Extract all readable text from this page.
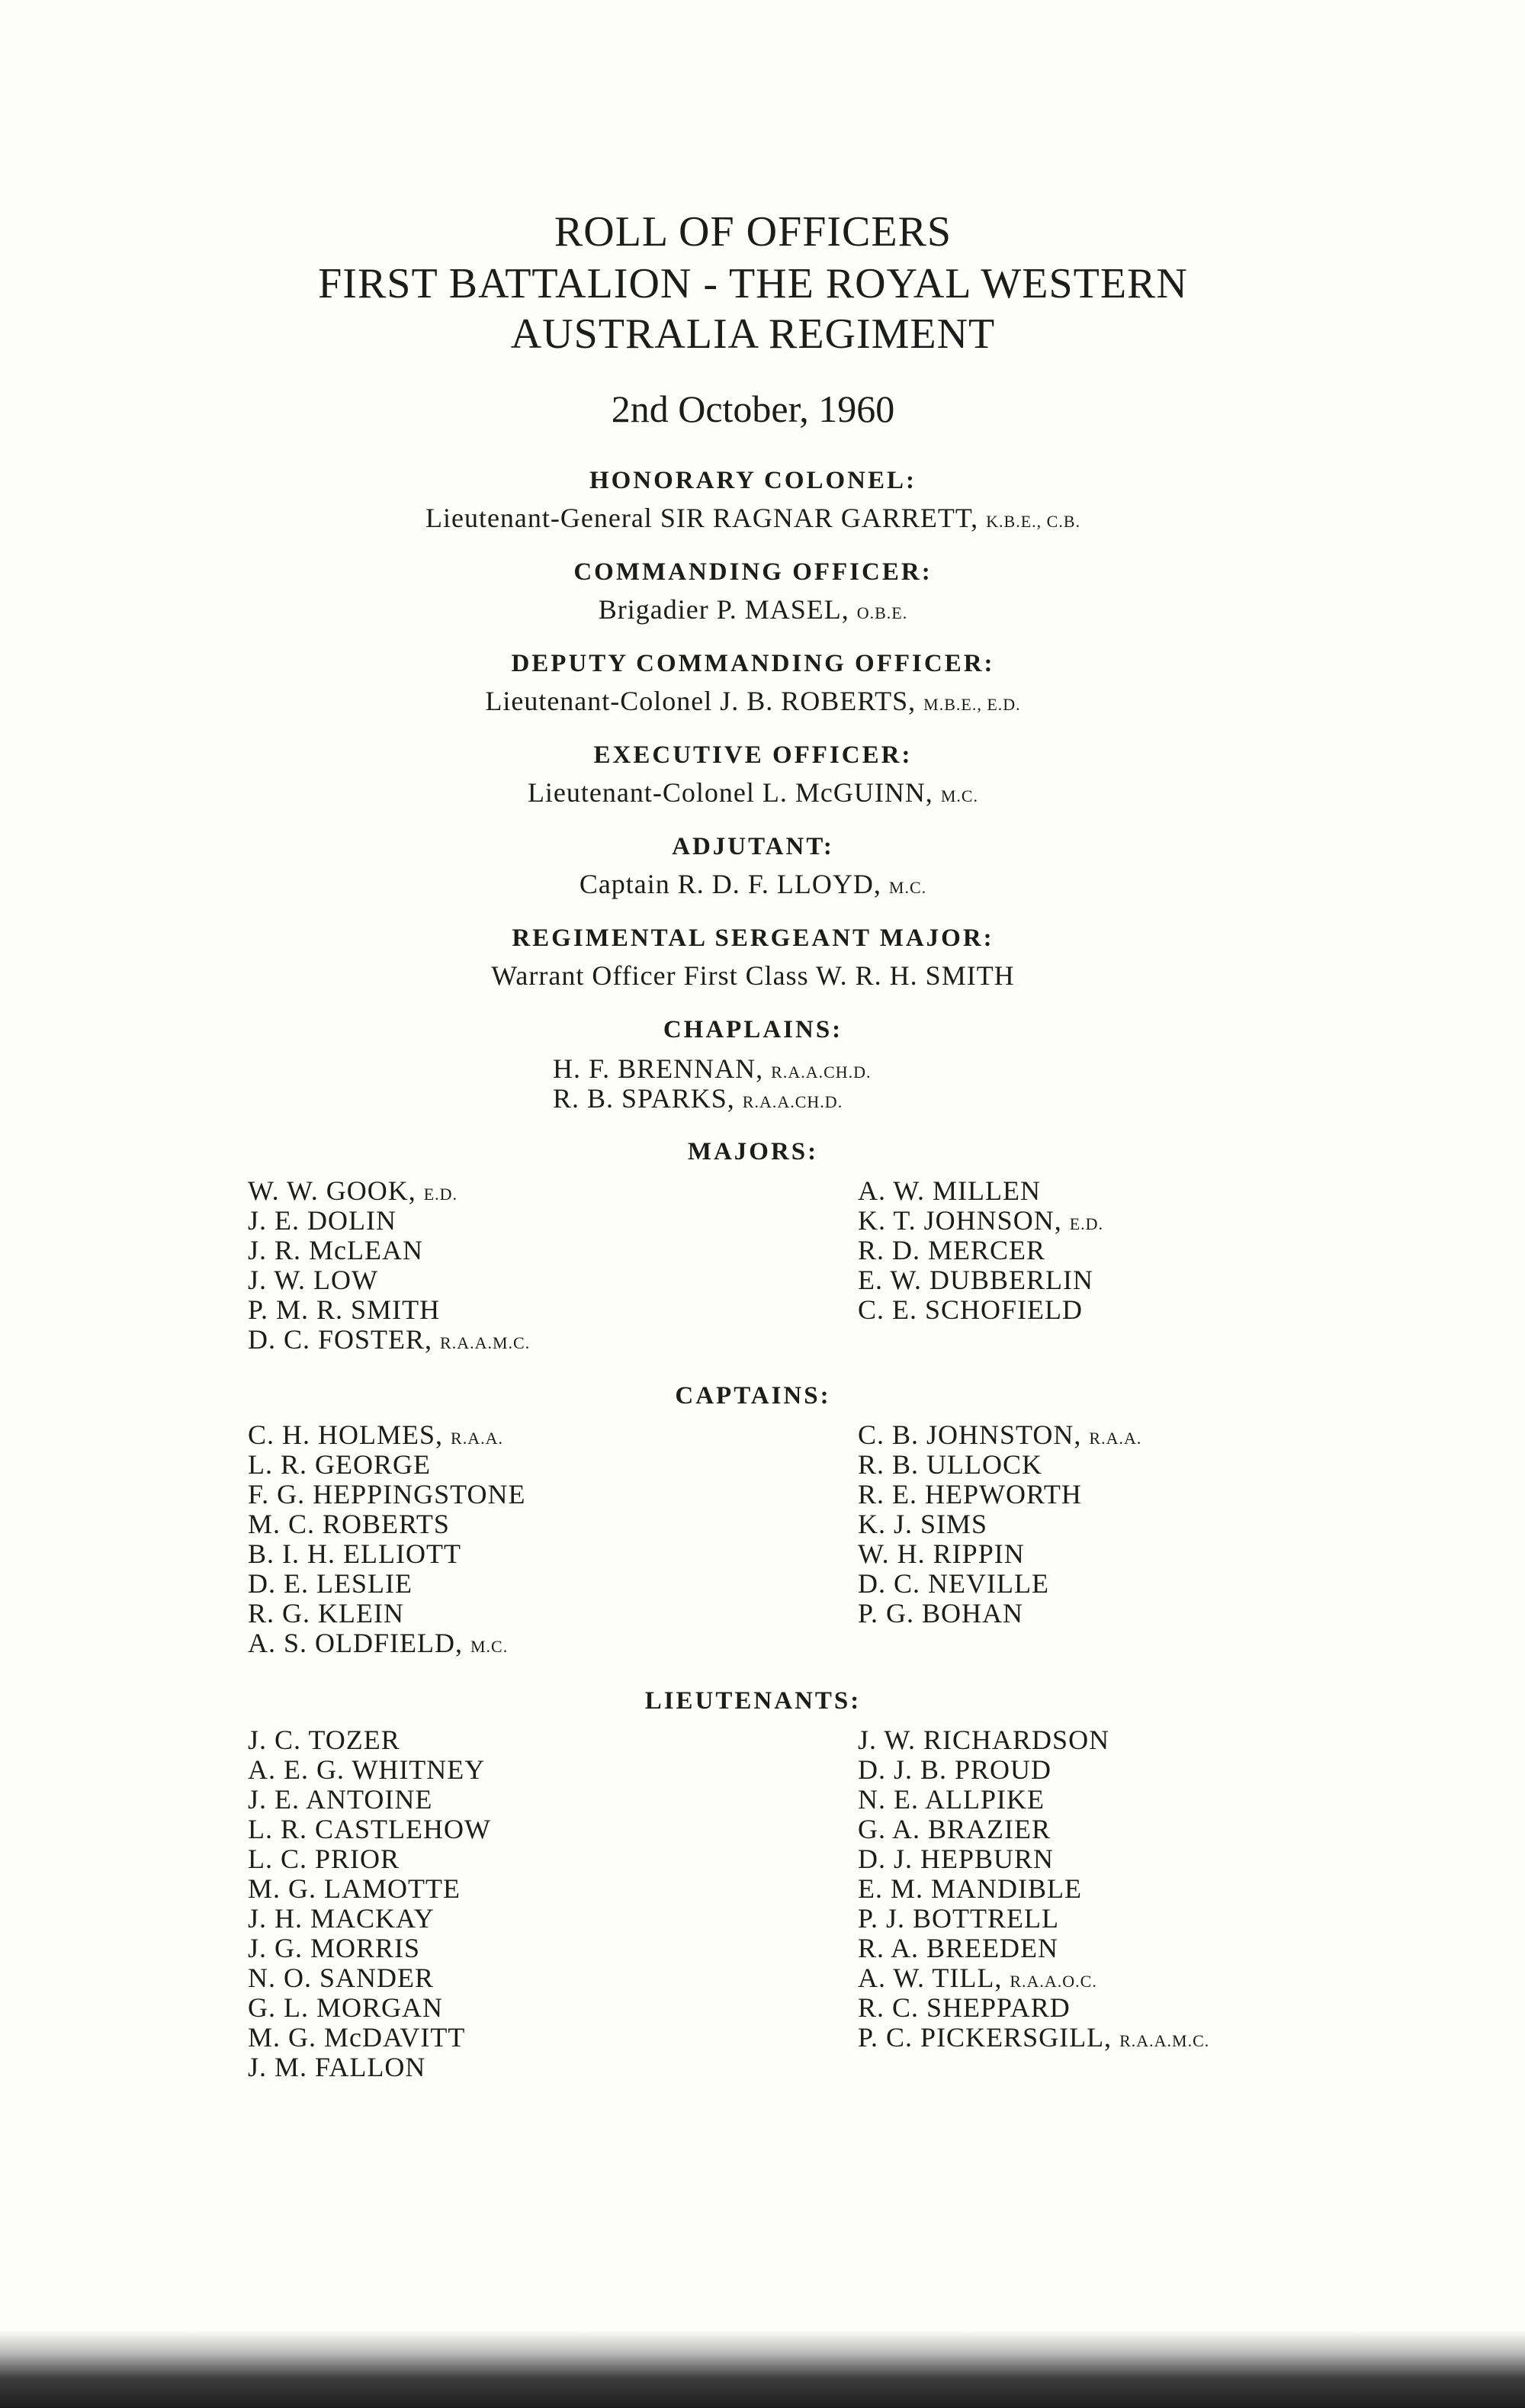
ROLL OF OFFICERS
FIRST BATTALION - THE ROYAL WESTERN
AUSTRALIA REGIMENT
2nd October, 1960
HONORARY COLONEL:
Lieutenant-General SIR RAGNAR GARRETT, K.B.E., C.B.
COMMANDING OFFICER:
Brigadier P. MASEL, O.B.E.
DEPUTY COMMANDING OFFICER:
Lieutenant-Colonel J. B. ROBERTS, M.B.E., E.D.
EXECUTIVE OFFICER:
Lieutenant-Colonel L. McGUINN, M.C.
ADJUTANT:
Captain R. D. F. LLOYD, M.C.
REGIMENTAL SERGEANT MAJOR:
Warrant Officer First Class W. R. H. SMITH
CHAPLAINS:
H. F. BRENNAN, R.A.A.CH.D.
R. B. SPARKS, R.A.A.CH.D.
MAJORS:
W. W. GOOK, E.D.
J. E. DOLIN
J. R. McLEAN
J. W. LOW
P. M. R. SMITH
D. C. FOSTER, R.A.A.M.C.
A. W. MILLEN
K. T. JOHNSON, E.D.
R. D. MERCER
E. W. DUBBERLIN
C. E. SCHOFIELD
CAPTAINS:
C. H. HOLMES, R.A.A.
L. R. GEORGE
F. G. HEPPINGSTONE
M. C. ROBERTS
B. I. H. ELLIOTT
D. E. LESLIE
R. G. KLEIN
A. S. OLDFIELD, M.C.
C. B. JOHNSTON, R.A.A.
R. B. ULLOCK
R. E. HEPWORTH
K. J. SIMS
W. H. RIPPIN
D. C. NEVILLE
P. G. BOHAN
LIEUTENANTS:
J. C. TOZER
A. E. G. WHITNEY
J. E. ANTOINE
L. R. CASTLEHOW
L. C. PRIOR
M. G. LAMOTTE
J. H. MACKAY
J. G. MORRIS
N. O. SANDER
G. L. MORGAN
M. G. McDAVITT
J. M. FALLON
J. W. RICHARDSON
D. J. B. PROUD
N. E. ALLPIKE
G. A. BRAZIER
D. J. HEPBURN
E. M. MANDIBLE
P. J. BOTTRELL
R. A. BREEDEN
A. W. TILL, R.A.A.O.C.
R. C. SHEPPARD
P. C. PICKERSGILL, R.A.A.M.C.
